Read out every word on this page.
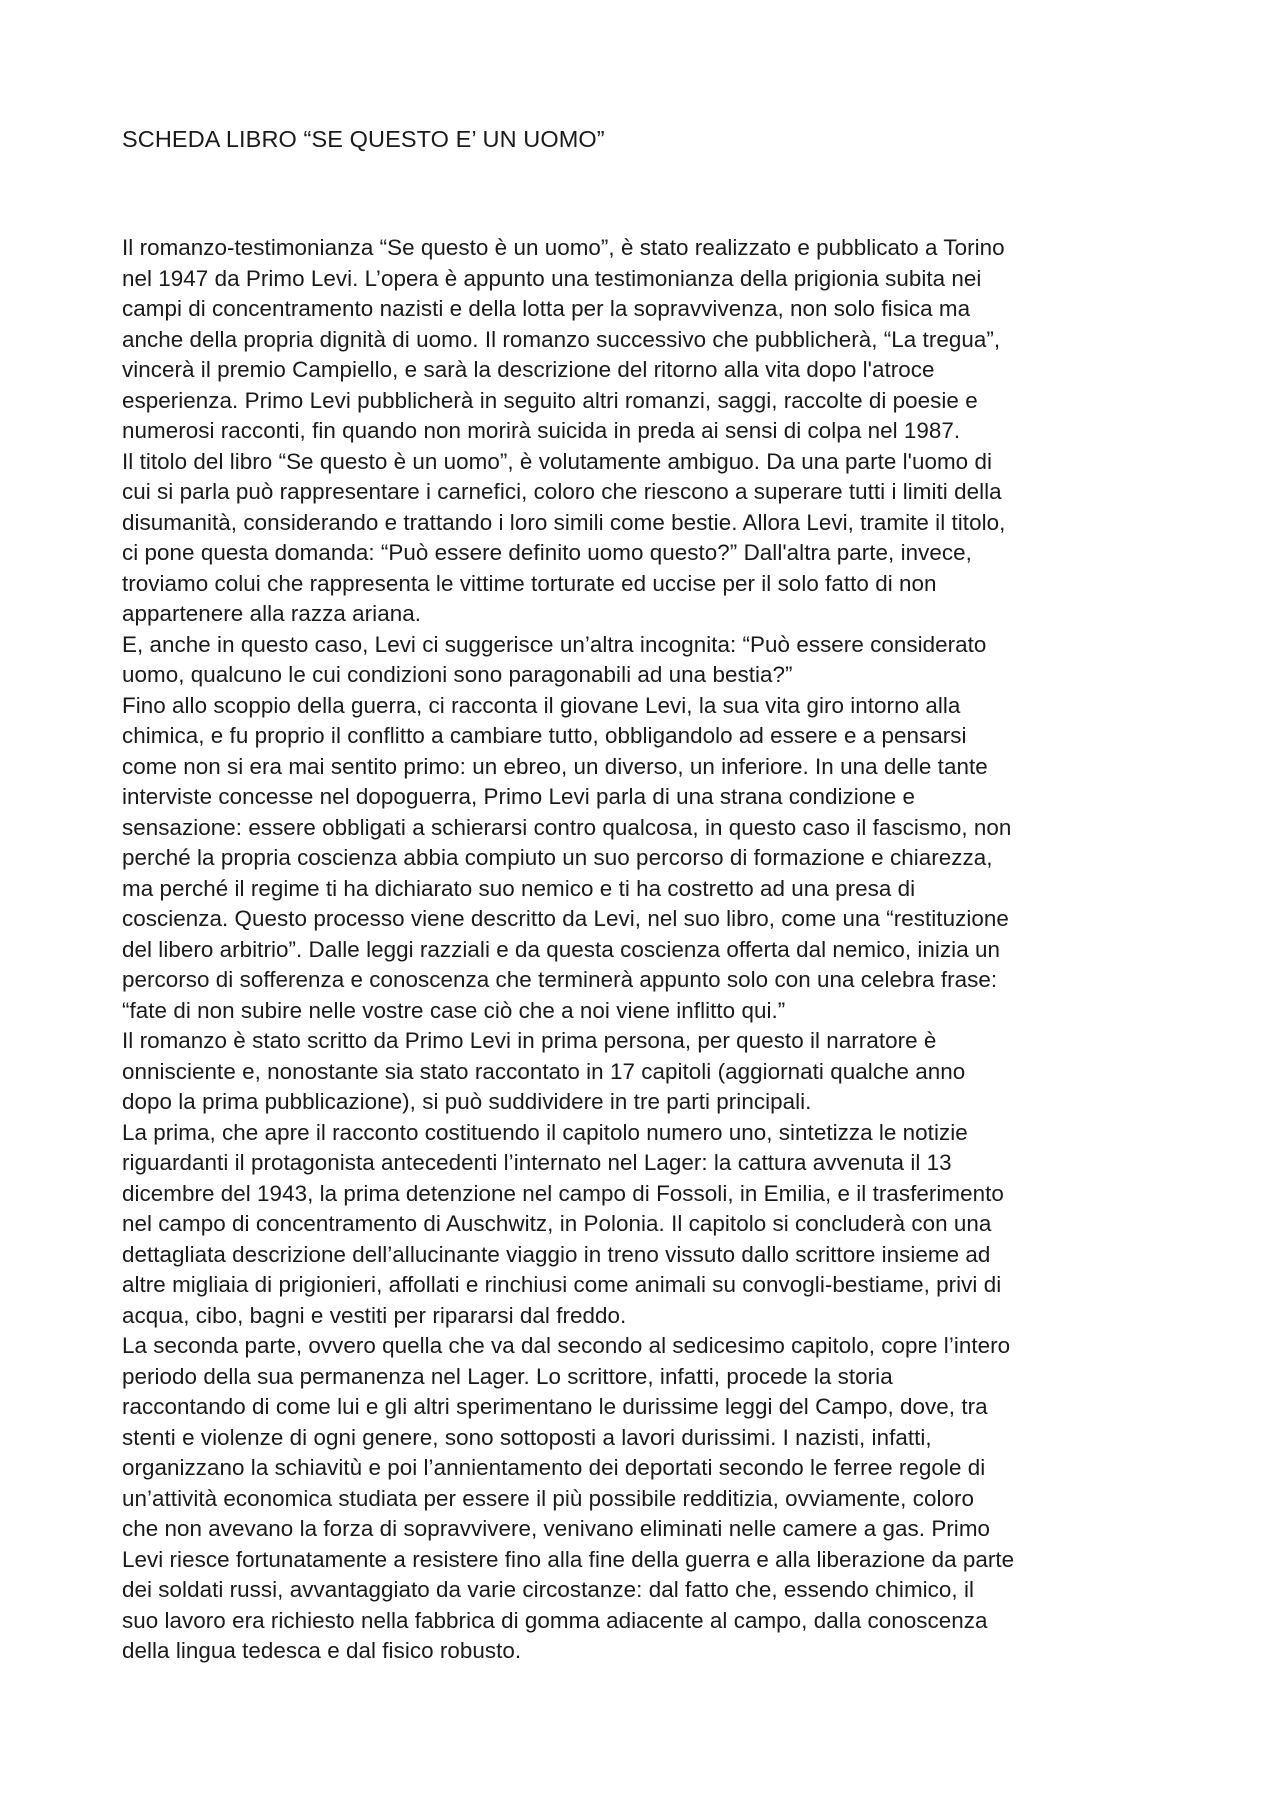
SCHEDA LIBRO “SE QUESTO E’ UN UOMO”
Il romanzo-testimonianza “Se questo è un uomo”, è stato realizzato e pubblicato a Torino
nel 1947 da Primo Levi. L’opera è appunto una testimonianza della prigionia subita nei
campi di concentramento nazisti e della lotta per la sopravvivenza, non solo fisica ma
anche della propria dignità di uomo. Il romanzo successivo che pubblicherà, “La tregua”,
vincerà il premio Campiello, e sarà la descrizione del ritorno alla vita dopo l'atroce
esperienza. Primo Levi pubblicherà in seguito altri romanzi, saggi, raccolte di poesie e
numerosi racconti, fin quando non morirà suicida in preda ai sensi di colpa nel 1987.
Il titolo del libro “Se questo è un uomo”, è volutamente ambiguo. Da una parte l'uomo di
cui si parla può rappresentare i carnefici, coloro che riescono a superare tutti i limiti della
disumanità, considerando e trattando i loro simili come bestie. Allora Levi, tramite il titolo,
ci pone questa domanda: “Può essere definito uomo questo?” Dall'altra parte, invece,
troviamo colui che rappresenta le vittime torturate ed uccise per il solo fatto di non
appartenere alla razza ariana.
E, anche in questo caso, Levi ci suggerisce un’altra incognita: “Può essere considerato
uomo, qualcuno le cui condizioni sono paragonabili ad una bestia?”
Fino allo scoppio della guerra, ci racconta il giovane Levi, la sua vita giro intorno alla
chimica, e fu proprio il conflitto a cambiare tutto, obbligandolo ad essere e a pensarsi
come non si era mai sentito primo: un ebreo, un diverso, un inferiore. In una delle tante
interviste concesse nel dopoguerra, Primo Levi parla di una strana condizione e
sensazione: essere obbligati a schierarsi contro qualcosa, in questo caso il fascismo, non
perché la propria coscienza abbia compiuto un suo percorso di formazione e chiarezza,
ma perché il regime ti ha dichiarato suo nemico e ti ha costretto ad una presa di
coscienza. Questo processo viene descritto da Levi, nel suo libro, come una “restituzione
del libero arbitrio”. Dalle leggi razziali e da questa coscienza offerta dal nemico, inizia un
percorso di sofferenza e conoscenza che terminerà appunto solo con una celebra frase:
“fate di non subire nelle vostre case ciò che a noi viene inflitto qui.”
Il romanzo è stato scritto da Primo Levi in prima persona, per questo il narratore è
onnisciente e, nonostante sia stato raccontato in 17 capitoli (aggiornati qualche anno
dopo la prima pubblicazione), si può suddividere in tre parti principali.
La prima, che apre il racconto costituendo il capitolo numero uno, sintetizza le notizie
riguardanti il protagonista antecedenti l’internato nel Lager: la cattura avvenuta il 13
dicembre del 1943, la prima detenzione nel campo di Fossoli, in Emilia, e il trasferimento
nel campo di concentramento di Auschwitz, in Polonia. Il capitolo si concluderà con una
dettagliata descrizione dell’allucinante viaggio in treno vissuto dallo scrittore insieme ad
altre migliaia di prigionieri, affollati e rinchiusi come animali su convogli-bestiame, privi di
acqua, cibo, bagni e vestiti per ripararsi dal freddo.
La seconda parte, ovvero quella che va dal secondo al sedicesimo capitolo, copre l’intero
periodo della sua permanenza nel Lager. Lo scrittore, infatti, procede la storia
raccontando di come lui e gli altri sperimentano le durissime leggi del Campo, dove, tra
stenti e violenze di ogni genere, sono sottoposti a lavori durissimi. I nazisti, infatti,
organizzano la schiavitù e poi l’annientamento dei deportati secondo le ferree regole di
un’attività economica studiata per essere il più possibile redditizia, ovviamente, coloro
che non avevano la forza di sopravvivere, venivano eliminati nelle camere a gas. Primo
Levi riesce fortunatamente a resistere fino alla fine della guerra e alla liberazione da parte
dei soldati russi, avvantaggiato da varie circostanze: dal fatto che, essendo chimico, il
suo lavoro era richiesto nella fabbrica di gomma adiacente al campo, dalla conoscenza
della lingua tedesca e dal fisico robusto.
